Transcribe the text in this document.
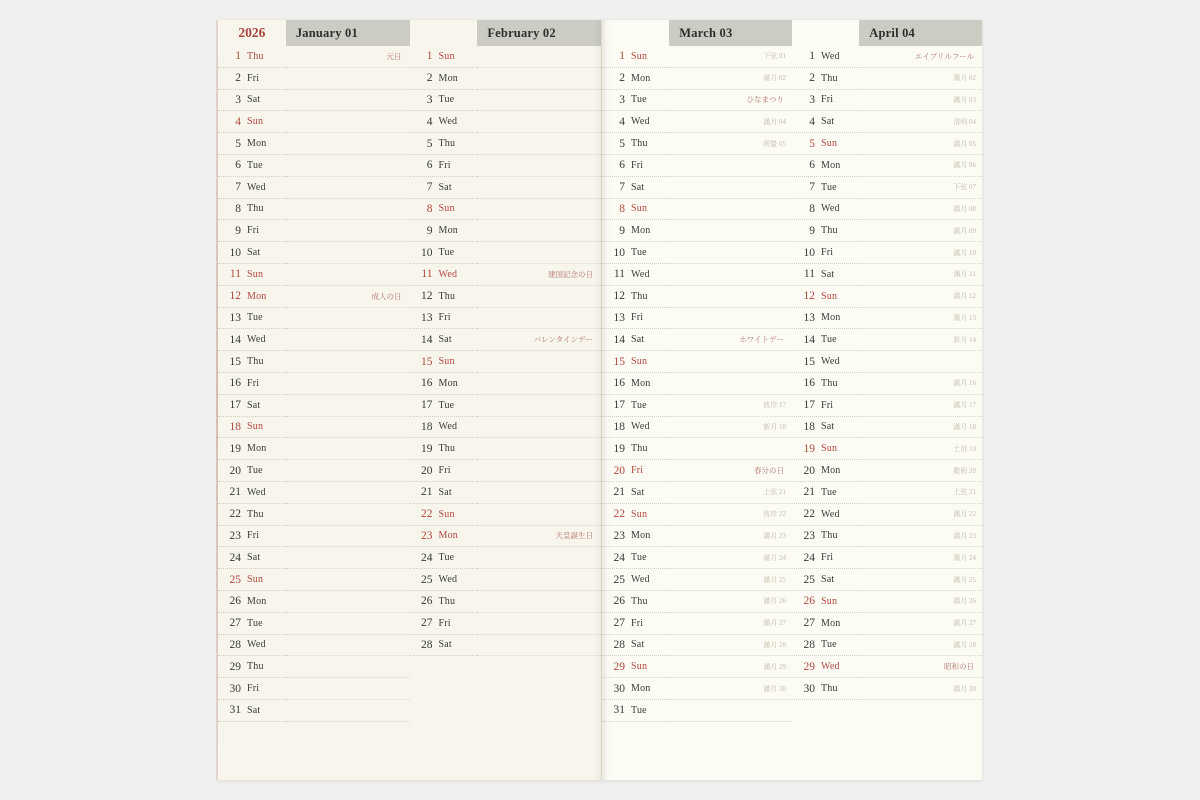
2026
1 Thu
2 Fri
3 Sat
4 Sun
5 Mon
6 Tue
7 Wed
8 Thu
9 Fri
10 Sat
11 Sun
12 Mon
13 Tue
14 Wed
15 Thu
16 Fri
17 Sat
18 Sun
19 Mon
20 Tue
21 Wed
22 Thu
23 Fri
24 Sat
25 Sun
26 Mon
27 Tue
28 Wed
29 Thu
30 Fri
31 Sat
January 01
元日
成人の日
1 Sun
2 Mon
3 Tue
4 Wed
5 Thu
6 Fri
7 Sat
8 Sun
9 Mon
10 Tue
11 Wed
12 Thu
13 Fri
14 Sat
15 Sun
16 Mon
17 Tue
18 Wed
19 Thu
20 Fri
21 Sat
22 Sun
23 Mon
24 Tue
25 Wed
26 Thu
27 Fri
28 Sat
February 02
建国記念の日
バレンタインデー
天皇誕生日
1 Sun
2 Mon
3 Tue
4 Wed
5 Thu
6 Fri
7 Sat
8 Sun
9 Mon
10 Tue
11 Wed
12 Thu
13 Fri
14 Sat
15 Sun
16 Mon
17 Tue
18 Wed
19 Thu
20 Fri
21 Sat
22 Sun
23 Mon
24 Tue
25 Wed
26 Thu
27 Fri
28 Sat
29 Sun
30 Mon
31 Tue
March 03
下弦 01
滿月 02
ひなまつり
滿月 04
咲蛰 05
ホワイトデー
彼岸 17
新月 18
春分の日
上弦 21
彼岸 22
滿月 23
滿月 24
滿月 25
滿月 26
滿月 27
滿月 28
滿月 29
滿月 30
1 Wed
2 Thu
3 Fri
4 Sat
5 Sun
6 Mon
7 Tue
8 Wed
9 Thu
10 Fri
11 Sat
12 Sun
13 Mon
14 Tue
15 Wed
16 Thu
17 Fri
18 Sat
19 Sun
20 Mon
21 Tue
22 Wed
23 Thu
24 Fri
25 Sat
26 Sun
27 Mon
28 Tue
29 Wed
30 Thu
April 04
エイプリルフール
滿月 02
滿月 03
清明 04
滿月 05
滿月 06
下弦 07
滿月 08
滿月 09
滿月 10
滿月 11
滿月 12
滿月 13
新月 14
滿月 16
滿月 17
滿月 18
土用 19
穀雨 20
上弦 21
滿月 22
滿月 23
滿月 24
滿月 25
滿月 26
滿月 27
滿月 28
昭和の日
滿月 30
